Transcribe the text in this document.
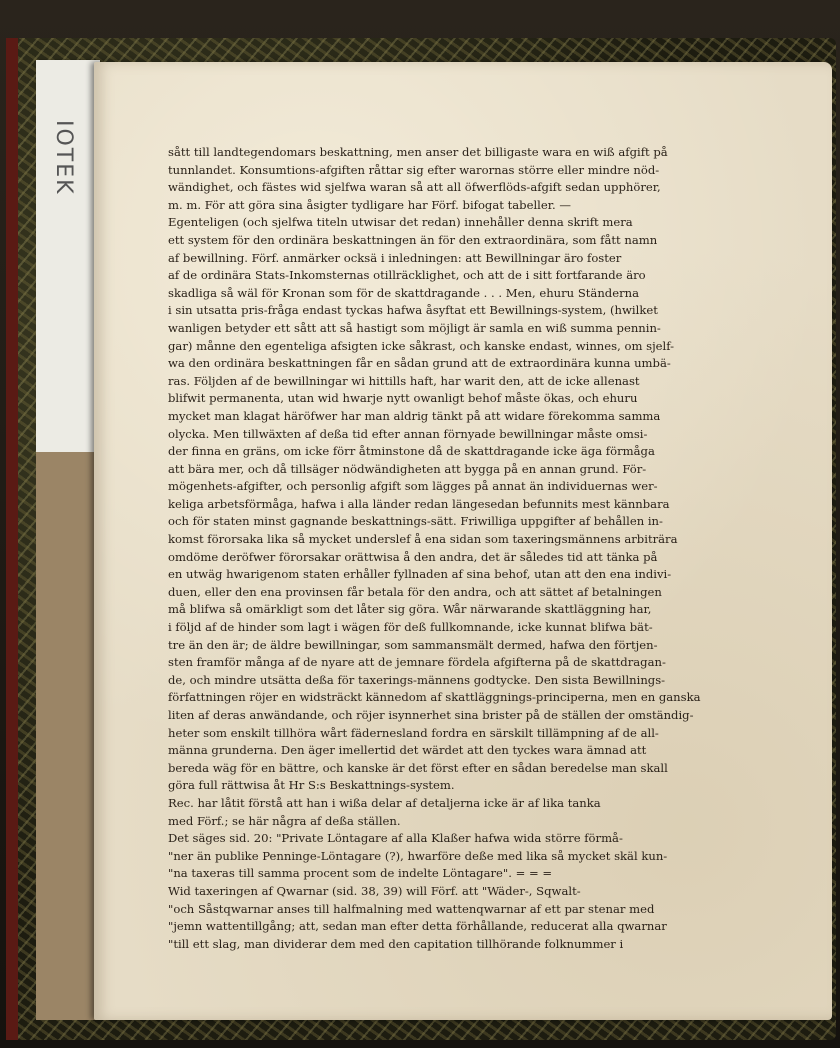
IOTEK	sått till landtegendomars beskattning, men anser det billigaste wara en wiß afgift på
tunnlandet. Konsumtions-afgiften råttar sig efter warornas större eller mindre nöd-
wändighet, och fästes wid sjelfwa waran så att all öfwerflöds-afgift sedan upphörer,
m. m. För att göra sina åsigter tydligare har Förf. bifogat tabeller. —
Egenteligen (och sjelfwa titeln utwisar det redan) innehåller denna skrift mera
ett system för den ordinära beskattningen än för den extraordinära, som fått namn
af bewillning. Förf. anmärker ocksä i inledningen: att Bewillningar äro foster
af de ordinära Stats-Inkomsternas otillräcklighet, och att de i sitt fortfarande äro
skadliga så wäl för Kronan som för de skattdragande . . . Men, ehuru Ständerna
i sin utsatta pris-fråga endast tyckas hafwa åsyftat ett Bewillnings-system, (hwilket
wanligen betyder ett sått att så hastigt som möjligt är samla en wiß summa pennin-
gar) månne den egenteliga afsigten icke såkrast, och kanske endast, winnes, om sjelf-
wa den ordinära beskattningen får en sådan grund att de extraordinära kunna umbä-
ras. Följden af de bewillningar wi hittills haft, har warit den, att de icke allenast
blifwit permanenta, utan wid hwarje nytt owanligt behof måste ökas, och ehuru
mycket man klagat häröfwer har man aldrig tänkt på att widare förekomma samma
olycka. Men tillwäxten af deßa tid efter annan förnyade bewillningar måste omsi-
der finna en gräns, om icke förr åtminstone då de skattdragande icke äga förmåga
att bära mer, och då tillsäger nödwändigheten att bygga på en annan grund. För-
mögenhets-afgifter, och personlig afgift som lägges på annat än individuernas wer-
keliga arbetsförmåga, hafwa i alla länder redan längesedan befunnits mest kännbara
och för staten minst gagnande beskattnings-sätt. Friwilliga uppgifter af behållen in-
komst förorsaka lika så mycket underslef å ena sidan som taxeringsmännens arbiträra
omdöme deröfwer förorsakar orättwisa å den andra, det är således tid att tänka på
en utwäg hwarigenom staten erhåller fyllnaden af sina behof, utan att den ena indivi-
duen, eller den ena provinsen får betala för den andra, och att sättet af betalningen
må blifwa så omärkligt som det låter sig göra. Wår närwarande skattläggning har,
i följd af de hinder som lagt i wägen för deß fullkomnande, icke kunnat blifwa bät-
tre än den är; de äldre bewillningar, som sammansmält dermed, hafwa den förtjen-
sten framför många af de nyare att de jemnare fördela afgifterna på de skattdragan-
de, och mindre utsätta deßa för taxerings-männens godtycke. Den sista Bewillnings-
författningen röjer en widsträckt kännedom af skattläggnings-principerna, men en ganska
liten af deras anwändande, och röjer isynnerhet sina brister på de ställen der omständig-
heter som enskilt tillhöra wårt fädernesland fordra en särskilt tillämpning af de all-
männa grunderna. Den äger imellertid det wärdet att den tyckes wara ämnad att
bereda wäg för en bättre, och kanske är det först efter en sådan beredelse man skall
göra full rättwisa åt Hr S:s Beskattnings-system.
Rec. har låtit förstå att han i wißa delar af detaljerna icke är af lika tanka
med Förf.; se här några af deßa ställen.
Det säges sid. 20: "Private Löntagare af alla Klaßer hafwa wida större förmå-
"ner än publike Penninge-Löntagare (?), hwarföre deße med lika så mycket skäl kun-
"na taxeras till samma procent som de indelte Löntagare". = = =
Wid taxeringen af Qwarnar (sid. 38, 39) will Förf. att "Wäder-, Sqwalt-
"och Såstqwarnar anses till halfmalning med wattenqwarnar af ett par stenar med
"jemn wattentillgång; att, sedan man efter detta förhållande, reducerat alla qwarnar
"till ett slag, man dividerar dem med den capitation tillhörande folknummer i
